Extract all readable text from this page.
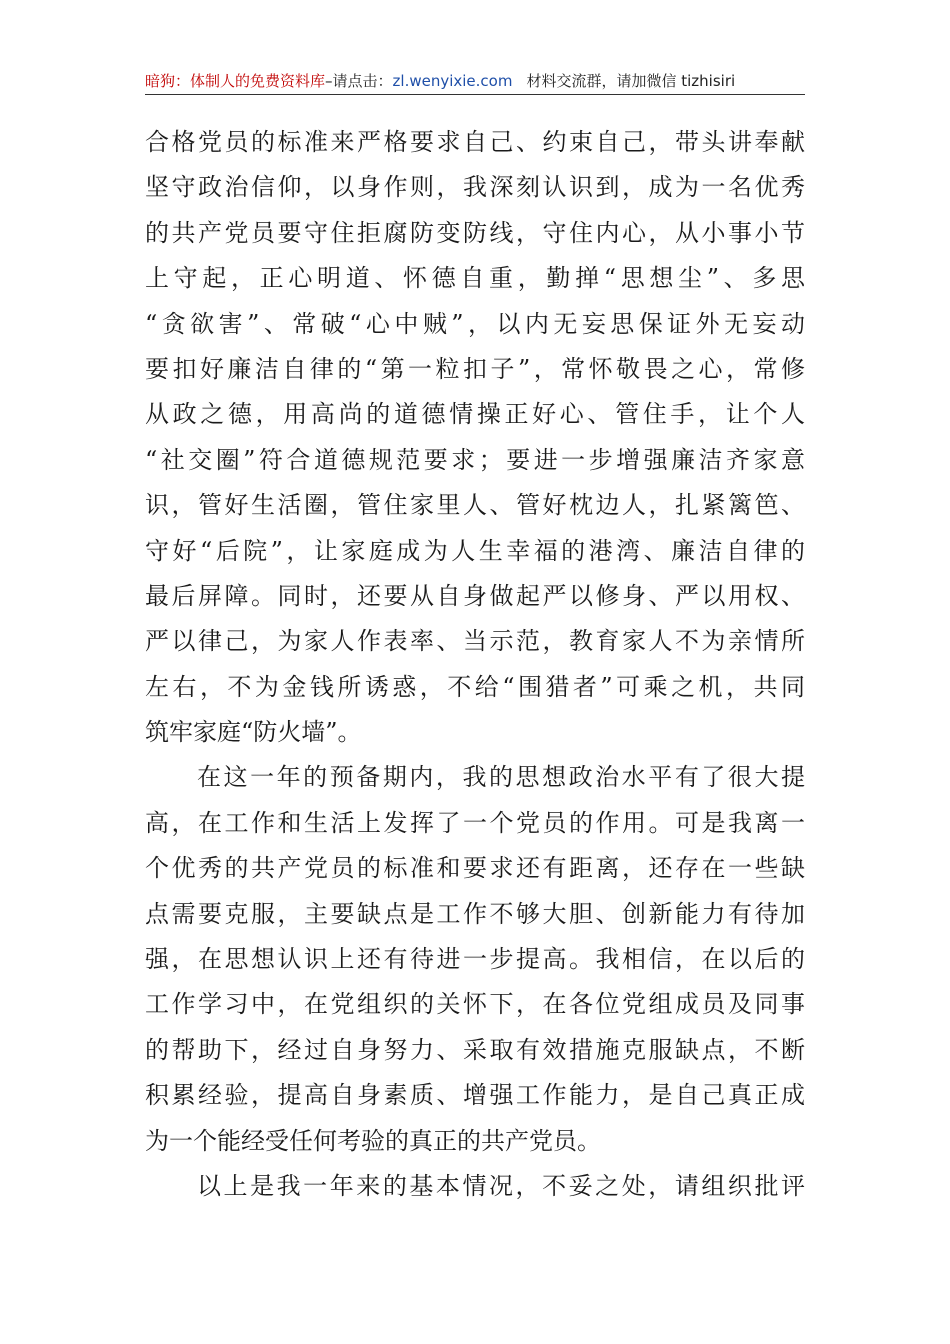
暗狗：体制人的免费资料库–请点击：zl.wenyixie.com 材料交流群，请加微信 tizhisiri
合格党员的标准来严格要求自己、约束自己，带头讲奉献
坚守政治信仰，以身作则，我深刻认识到，成为一名优秀
的共产党员要守住拒腐防变防线，守住内心，从小事小节
上守起，正心明道、怀德自重，勤掸“思想尘”、多思
“贪欲害”、常破“心中贼”，以内无妄思保证外无妄动
要扣好廉洁自律的“第一粒扣子”，常怀敬畏之心，常修
从政之德，用高尚的道德情操正好心、管住手，让个人
“社交圈”符合道德规范要求；要进一步增强廉洁齐家意
识，管好生活圈，管住家里人、管好枕边人，扎紧篱笆、
守好“后院”，让家庭成为人生幸福的港湾、廉洁自律的
最后屏障。同时，还要从自身做起严以修身、严以用权、
严以律己，为家人作表率、当示范，教育家人不为亲情所
左右，不为金钱所诱惑，不给“围猎者”可乘之机，共同
筑牢家庭“防火墙”。
在这一年的预备期内，我的思想政治水平有了很大提
高，在工作和生活上发挥了一个党员的作用。可是我离一
个优秀的共产党员的标准和要求还有距离，还存在一些缺
点需要克服，主要缺点是工作不够大胆、创新能力有待加
强，在思想认识上还有待进一步提高。我相信，在以后的
工作学习中，在党组织的关怀下，在各位党组成员及同事
的帮助下，经过自身努力、采取有效措施克服缺点，不断
积累经验，提高自身素质、增强工作能力，是自己真正成
为一个能经受任何考验的真正的共产党员。
以上是我一年来的基本情况，不妥之处，请组织批评
